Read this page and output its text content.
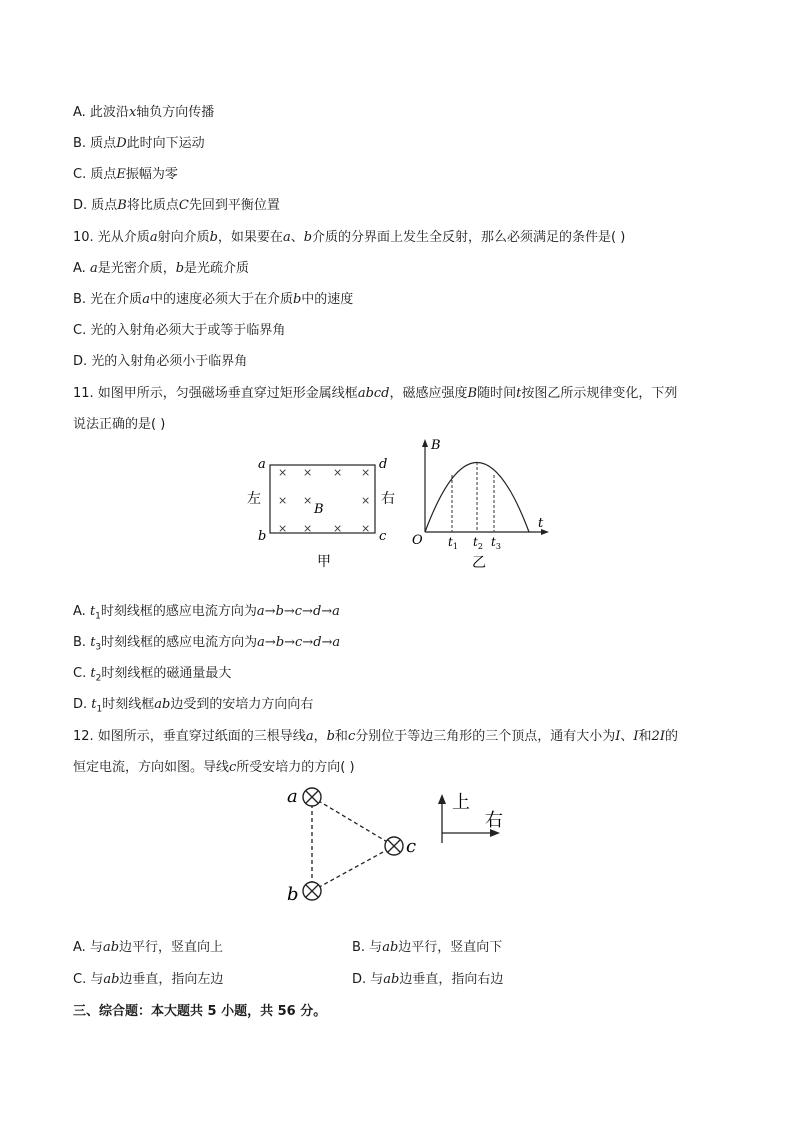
A. 此波沿x轴负方向传播
B. 质点D此时向下运动
C. 质点E振幅为零
D. 质点B将比质点C先回到平衡位置
10. 光从介质a射向介质b，如果要在a、b介质的分界面上发生全反射，那么必须满足的条件是( )
A. a是光密介质，b是光疏介质
B. 光在介质a中的速度必须大于在介质b中的速度
C. 光的入射角必须大于或等于临界角
D. 光的入射角必须小于临界角
11. 如图甲所示，匀强磁场垂直穿过矩形金属线框abcd，磁感应强度B随时间t按图乙所示规律变化，下列
说法正确的是( )
× × × ×
× ×	×
× × × ×
a
b	c
d
左	右
B
甲
B
t
O $t_1$ $t_2$ $t_3$
乙
A. $t_1$时刻线框的感应电流方向为a→b→c→d→a
B. $t_3$时刻线框的感应电流方向为a→b→c→d→a
C. $t_2$时刻线框的磁通量最大
D. $t_1$时刻线框ab边受到的安培力方向向右
12. 如图所示，垂直穿过纸面的三根导线a，b和c分别位于等边三角形的三个顶点，通有大小为I、I和2I的
恒定电流，方向如图。导线c所受安培力的方向( )
a
b
c
上
右
A. 与ab边平行，竖直向上	B. 与ab边平行，竖直向下
C. 与ab边垂直，指向左边	D. 与ab边垂直，指向右边
三、综合题：本大题共 5 小题，共 56 分。
